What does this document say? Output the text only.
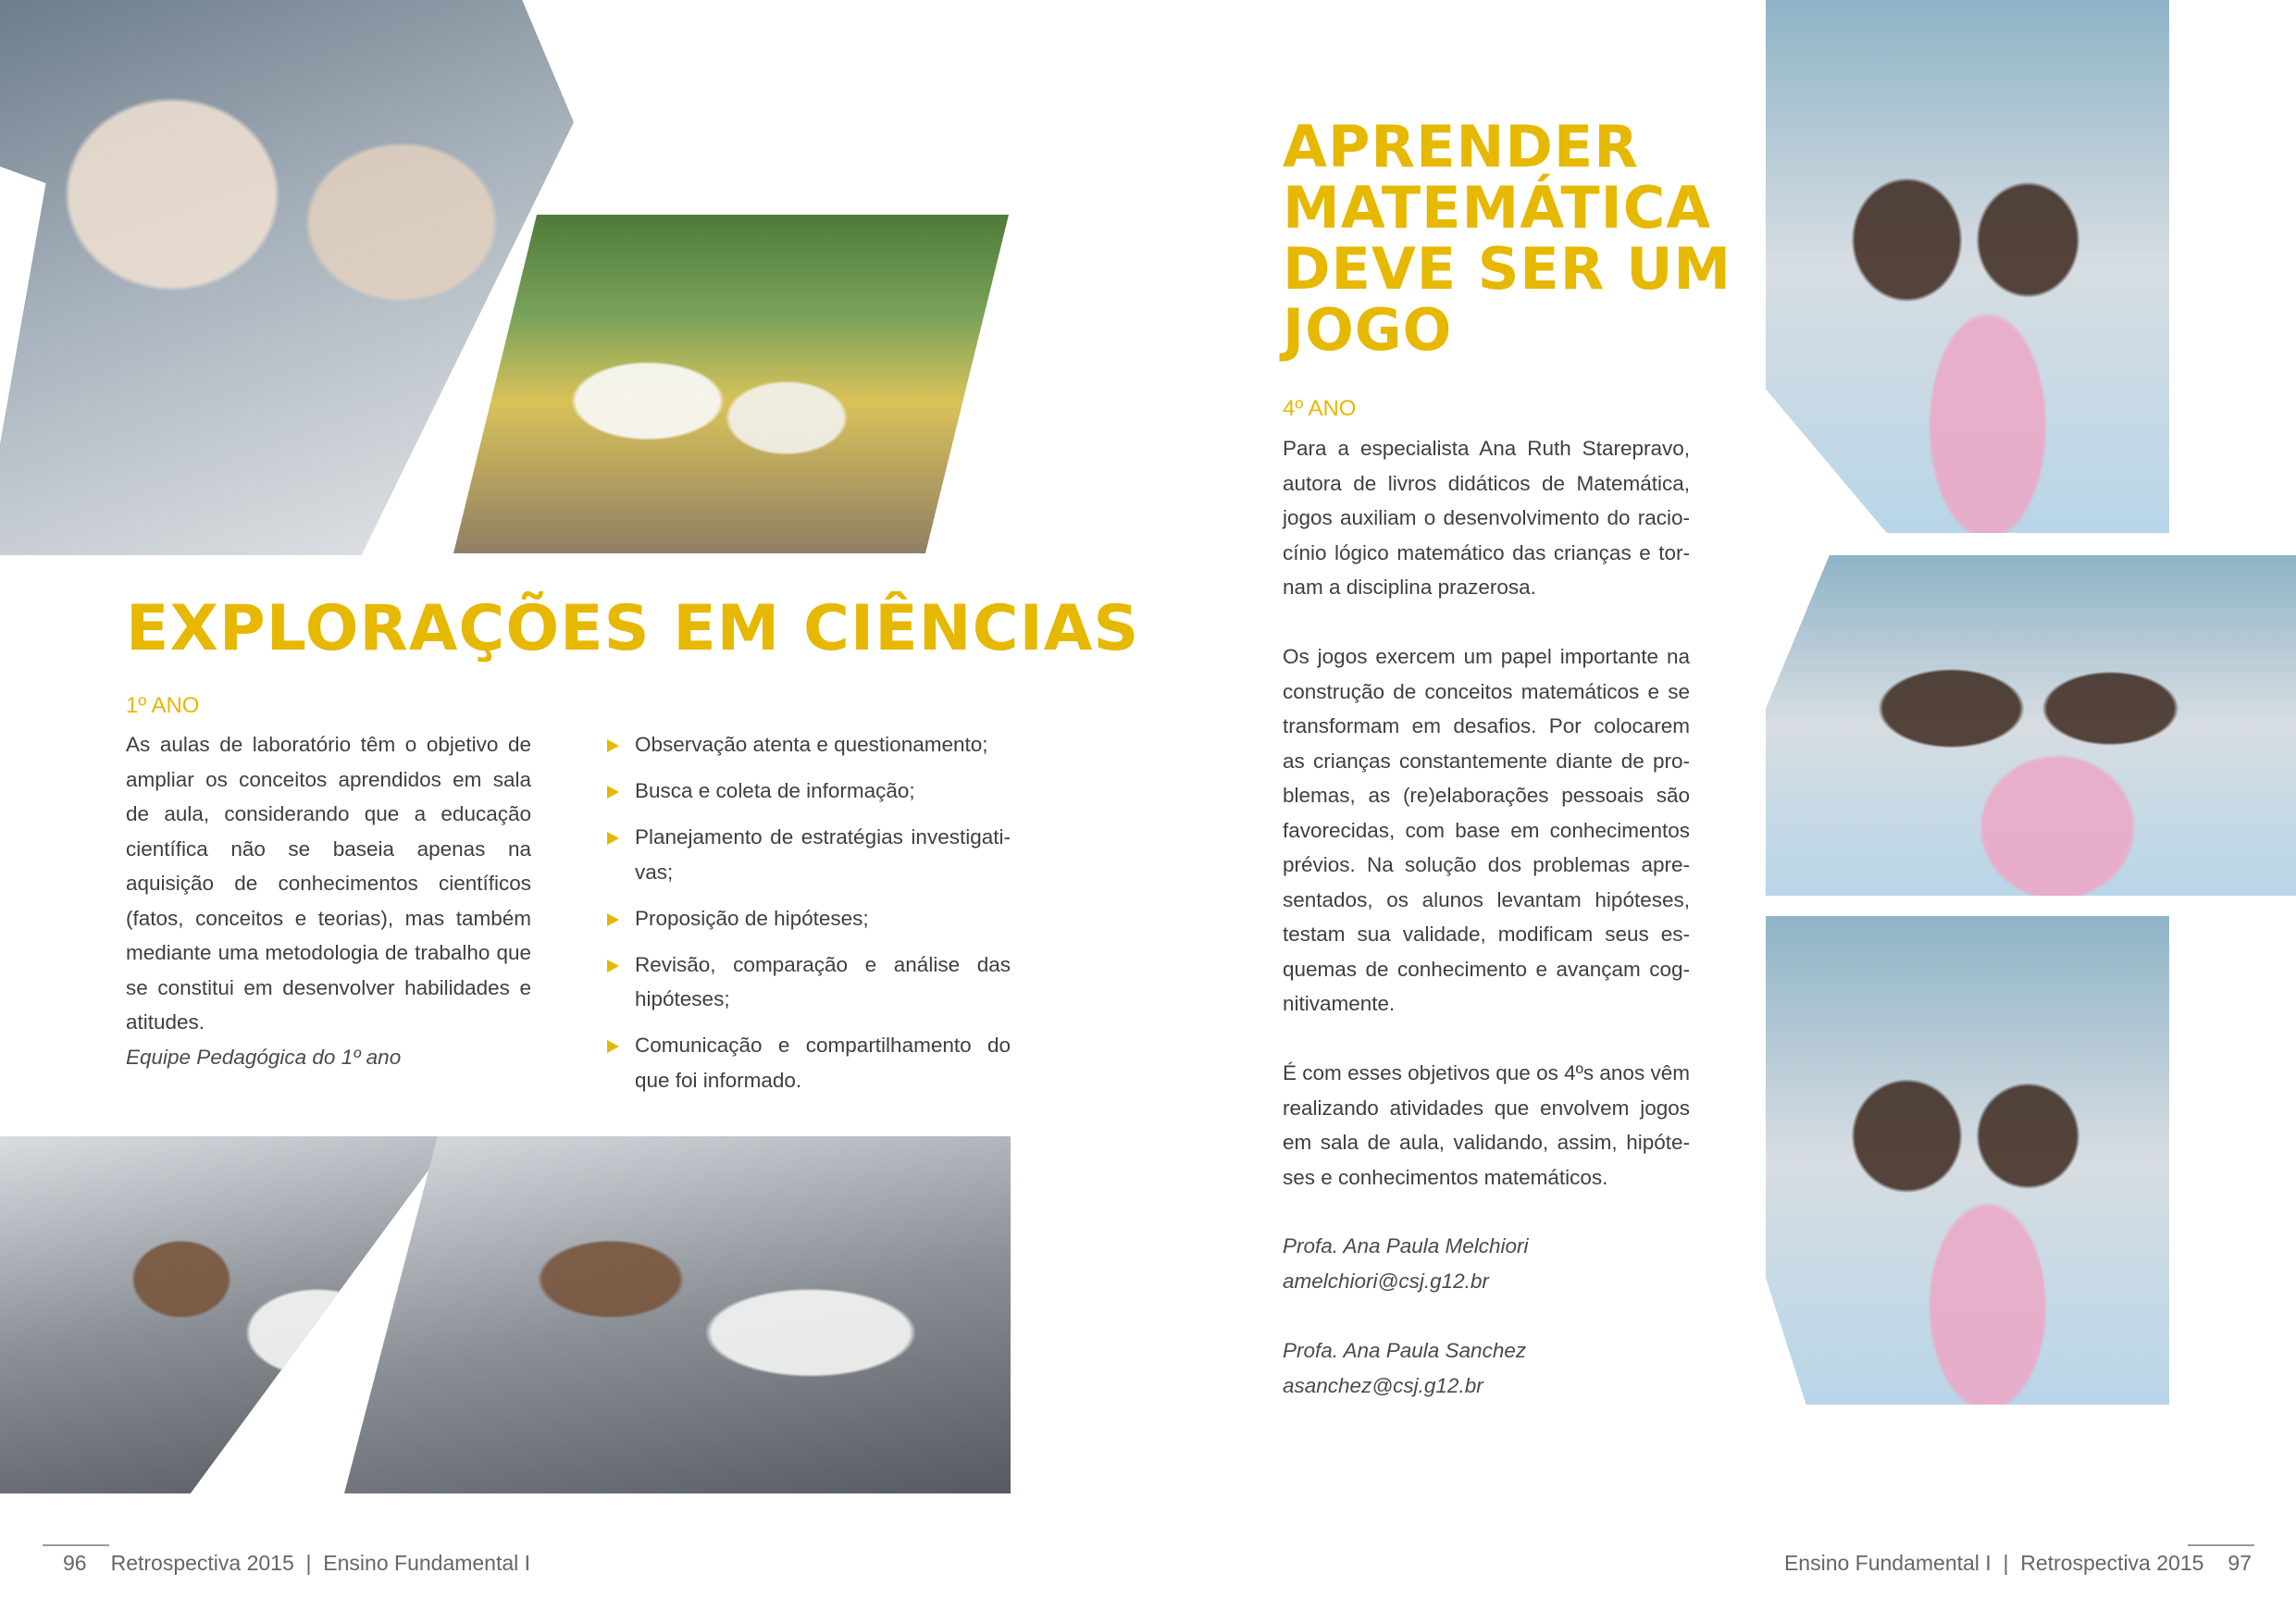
EXPLORAÇÕES EM CIÊNCIAS

1º ANO

As aulas de laboratório têm o objetivo de ampliar os conceitos aprendidos em sala de aula, considerando que a educação científica não se baseia apenas na aquisição de conhecimentos científicos (fatos, conceitos e teorias), mas também mediante uma metodologia de trabalho que se constitui em desenvolver habilidades e atitudes.

Equipe Pedagógica do 1º ano

Observação atenta e questionamento;
Busca e coleta de informação;
Planejamento de estratégias investigativas;
Proposição de hipóteses;
Revisão, comparação e análise das hipóteses;
Comunicação e compartilhamento do que foi informado.
APRENDER MATEMÁTICA DEVE SER UM JOGO

4º ANO

Para a especialista Ana Ruth Starepravo, autora de livros didáticos de Matemática, jogos auxiliam o desenvolvimento do raciocínio lógico matemático das crianças e tornam a disciplina prazerosa.

Os jogos exercem um papel importante na construção de conceitos matemáticos e se transformam em desafios. Por colocarem as crianças constantemente diante de problemas, as (re)elaborações pessoais são favorecidas, com base em conhecimentos prévios. Na solução dos problemas apresentados, os alunos levantam hipóteses, testam sua validade, modificam seus esquemas de conhecimento e avançam cognitivamente.

É com esses objetivos que os 4ºs anos vêm realizando atividades que envolvem jogos em sala de aula, validando, assim, hipóteses e conhecimentos matemáticos.

Profa. Ana Paula Melchiori
amelchiori@csj.g12.br
Profa. Ana Paula Sanchez
asanchez@csj.g12.br

96 Retrospectiva 2015  |  Ensino Fundamental I	Ensino Fundamental I  |  Retrospectiva 2015 97
